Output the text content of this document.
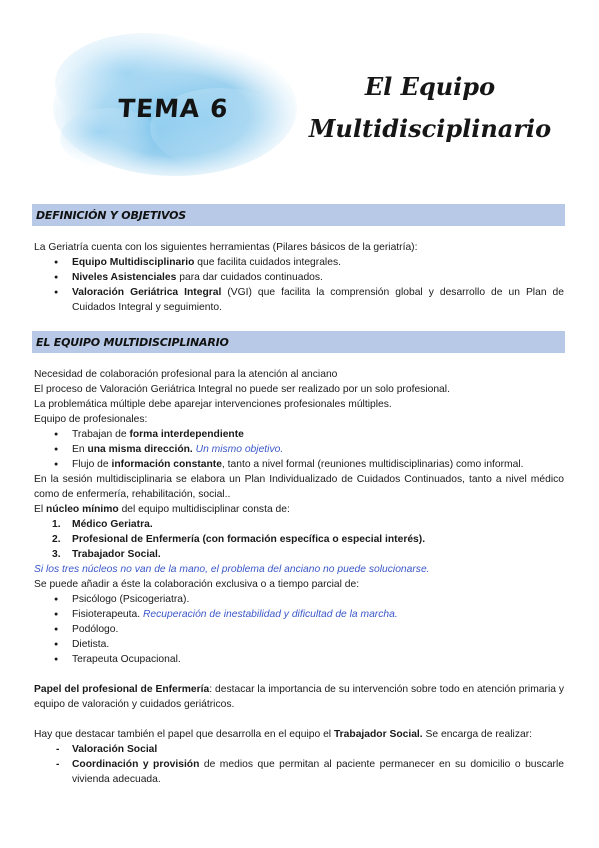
TEMA 6
El Equipo
Multidisciplinario
DEFINICIÓN Y OBJETIVOS
La Geriatría cuenta con los siguientes herramientas (Pilares básicos de la geriatría):
● Equipo Multidisciplinario que facilita cuidados integrales.
● Niveles Asistenciales para dar cuidados continuados.
● Valoración Geriátrica Integral (VGI) que facilita la comprensión global y desarrollo de un Plan de Cuidados Integral y seguimiento.
EL EQUIPO MULTIDISCIPLINARIO
Necesidad de colaboración profesional para la atención al anciano
El proceso de Valoración Geriátrica Integral no puede ser realizado por un solo profesional.
La problemática múltiple debe aparejar intervenciones profesionales múltiples.
Equipo de profesionales:
● Trabajan de forma interdependiente
● En una misma dirección. Un mismo objetivo.
● Flujo de información constante, tanto a nivel formal (reuniones multidisciplinarias) como informal.
En la sesión multidisciplinaria se elabora un Plan Individualizado de Cuidados Continuados, tanto a nivel médico como de enfermería, rehabilitación, social..
El núcleo mínimo del equipo multidisciplinar consta de:
1. Médico Geriatra.
2. Profesional de Enfermería (con formación específica o especial interés).
3. Trabajador Social.
Si los tres núcleos no van de la mano, el problema del anciano no puede solucionarse.
Se puede añadir a éste la colaboración exclusiva o a tiempo parcial de:
● Psicólogo (Psicogeriatra).
● Fisioterapeuta. Recuperación de inestabilidad y dificultad de la marcha.
● Podólogo.
● Dietista.
● Terapeuta Ocupacional.
Papel del profesional de Enfermería: destacar la importancia de su intervención sobre todo en atención primaria y equipo de valoración y cuidados geriátricos.
Hay que destacar también el papel que desarrolla en el equipo el Trabajador Social. Se encarga de realizar:
- Valoración Social
- Coordinación y provisión de medios que permitan al paciente permanecer en su domicilio o buscarle vivienda adecuada.
